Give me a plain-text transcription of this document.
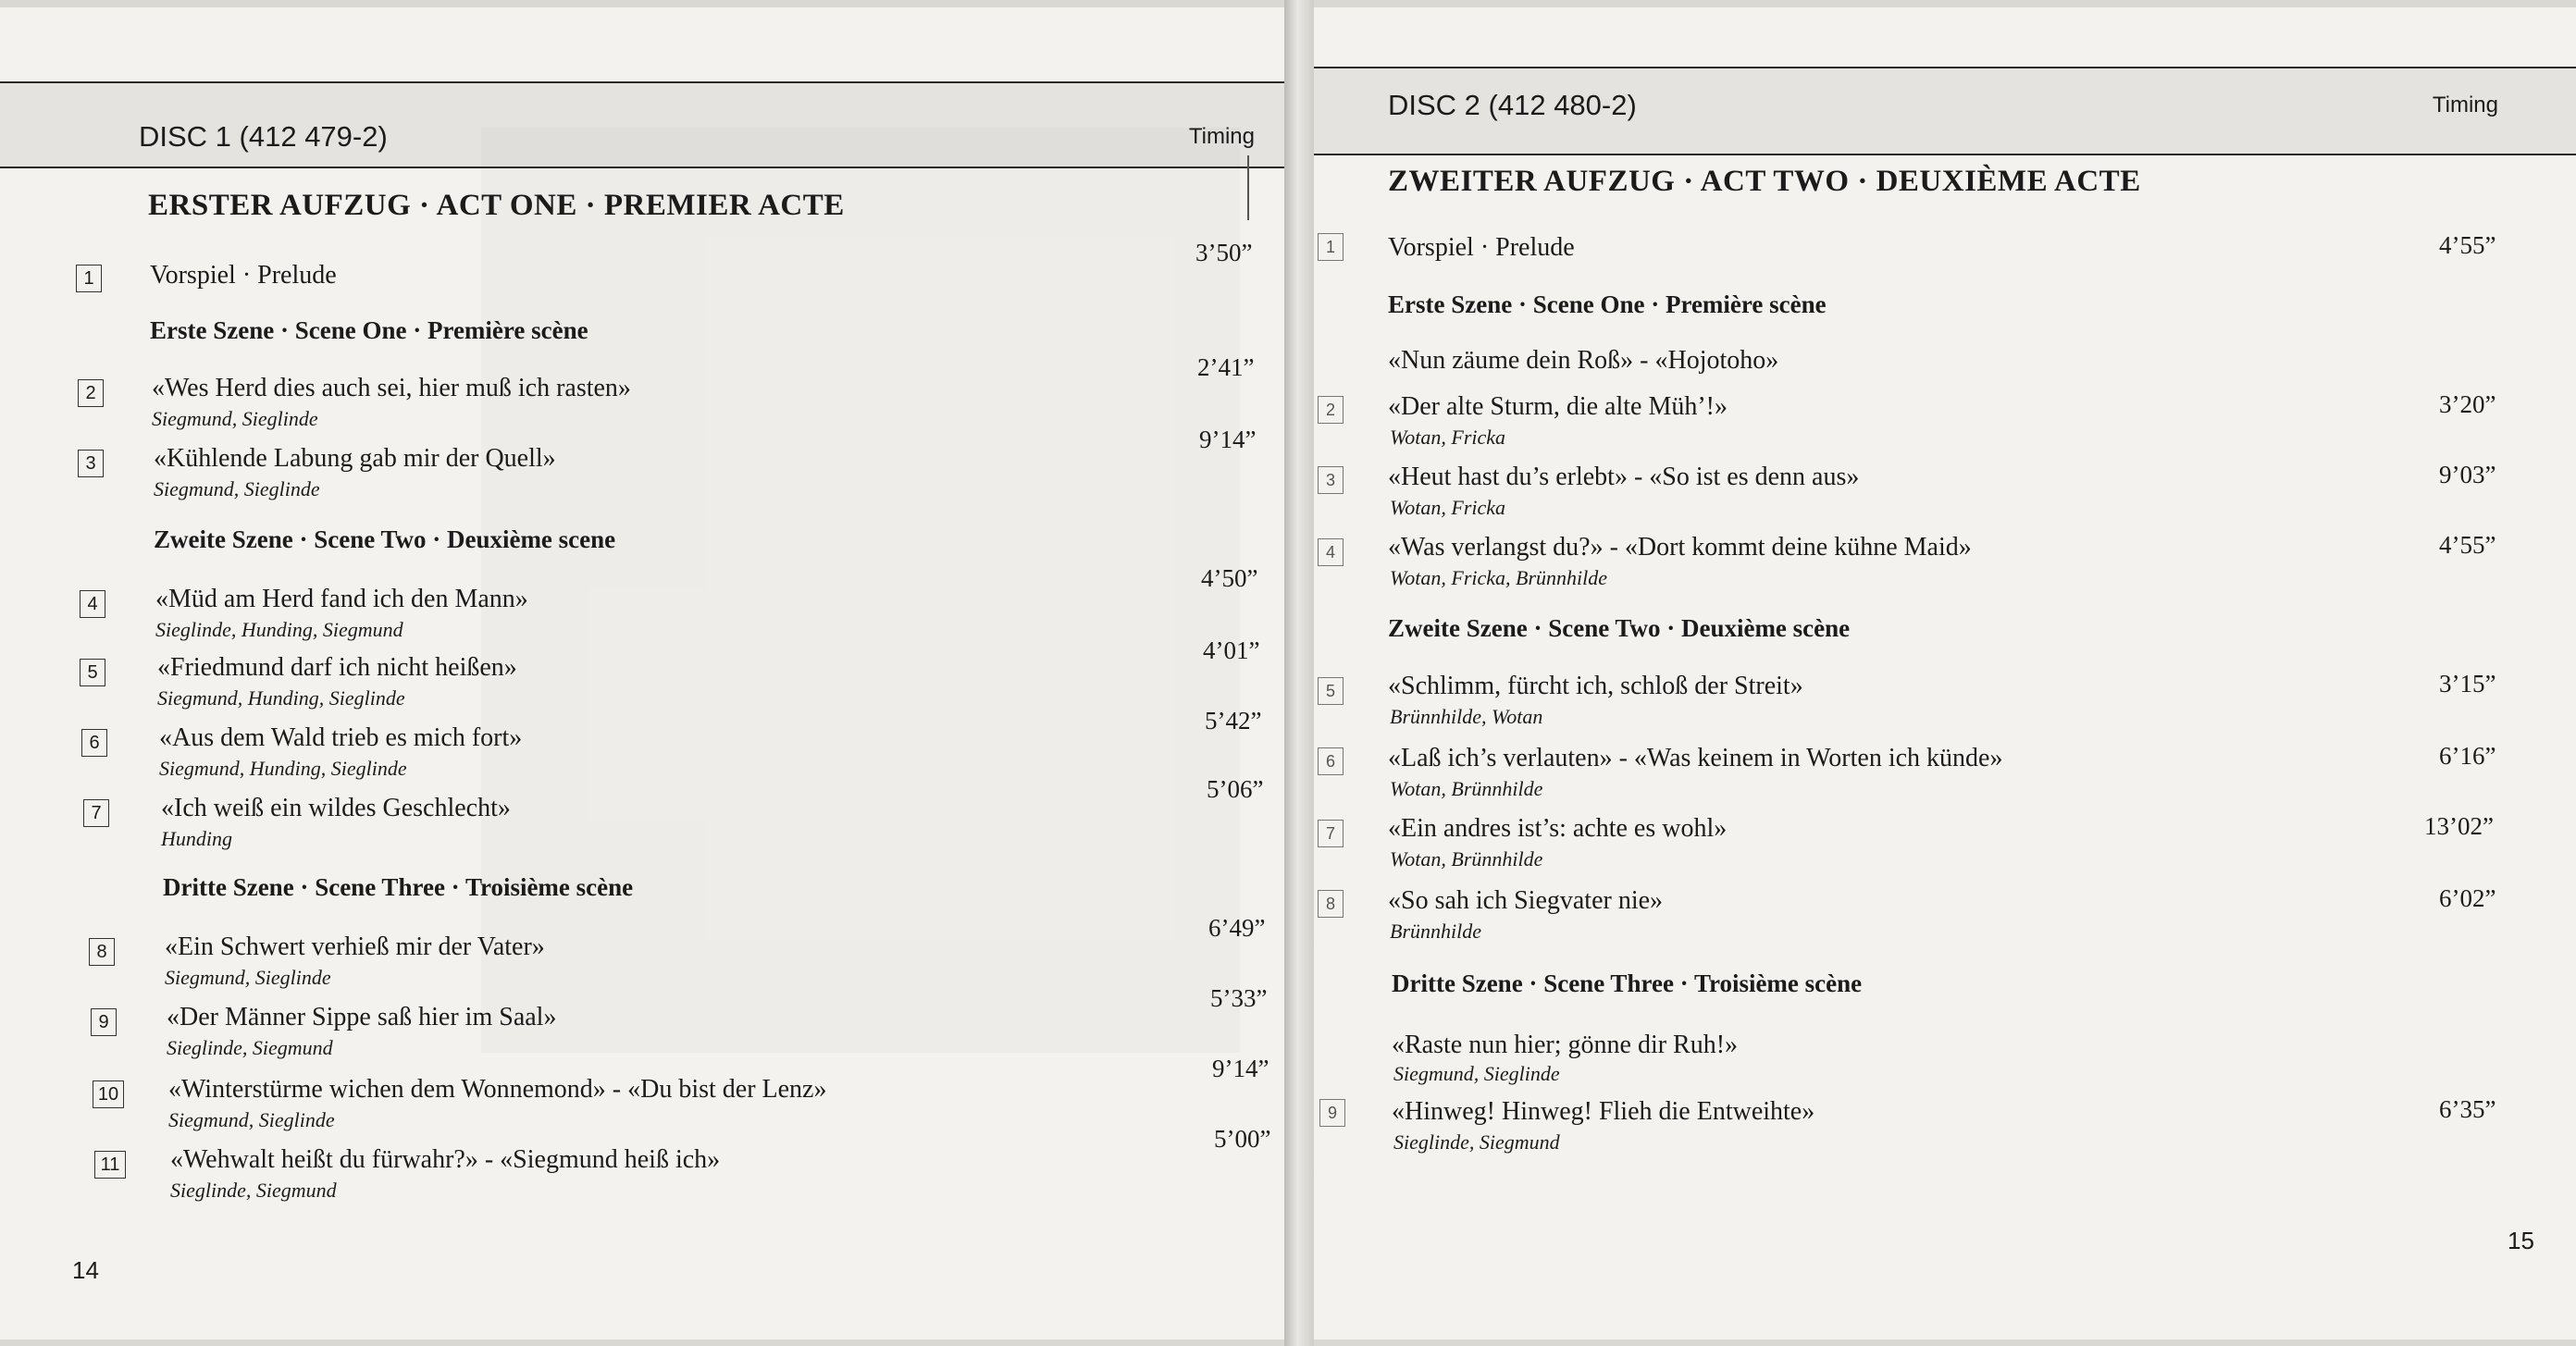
DISC 1 (412 479-2)	Timing
ERSTER AUFZUG · ACT ONE · PREMIER ACTE
1	Vorspiel · Prelude
3’50”
Erste Szene · Scene One · Première scène
2	«Wes Herd dies auch sei, hier muß ich rasten»
Siegmund, Sieglinde
2’41”
3	«Kühlende Labung gab mir der Quell»
Siegmund, Sieglinde
9’14”
Zweite Szene · Scene Two · Deuxième scene
4	«Müd am Herd fand ich den Mann»
Sieglinde, Hunding, Siegmund
4’50”
5	«Friedmund darf ich nicht heißen»
Siegmund, Hunding, Sieglinde
4’01”
6	«Aus dem Wald trieb es mich fort»
Siegmund, Hunding, Sieglinde
5’42”
7	«Ich weiß ein wildes Geschlecht»
Hunding
5’06”
Dritte Szene · Scene Three · Troisième scène
8	«Ein Schwert verhieß mir der Vater»
Siegmund, Sieglinde
6’49”
9	«Der Männer Sippe saß hier im Saal»
Sieglinde, Siegmund
5’33”
10 «Winterstürme wichen dem Wonnemond» - «Du bist der Lenz»
Siegmund, Sieglinde
9’14”
11 «Wehwalt heißt du fürwahr?» - «Siegmund heiß ich»
Sieglinde, Siegmund
5’00”
14
DISC 2 (412 480-2)	Timing
ZWEITER AUFZUG · ACT TWO · DEUXIÈME ACTE
1	Vorspiel · Prelude	4’55”
Erste Szene · Scene One · Première scène
«Nun zäume dein Roß» - «Hojotoho»
2	«Der alte Sturm, die alte Müh’!»
Wotan, Fricka
3’20”
3	«Heut hast du’s erlebt» - «So ist es denn aus»
Wotan, Fricka
9’03”
4	«Was verlangst du?» - «Dort kommt deine kühne Maid»
Wotan, Fricka, Brünnhilde
4’55”
Zweite Szene · Scene Two · Deuxième scène
5	«Schlimm, fürcht ich, schloß der Streit»
Brünnhilde, Wotan
3’15”
6	«Laß ich’s verlauten» - «Was keinem in Worten ich künde»
Wotan, Brünnhilde
6’16”
7	«Ein andres ist’s: achte es wohl»
Wotan, Brünnhilde
13’02”
8	«So sah ich Siegvater nie»
Brünnhilde
6’02”
Dritte Szene · Scene Three · Troisième scène
«Raste nun hier; gönne dir Ruh!»
Siegmund, Sieglinde
9	«Hinweg! Hinweg! Flieh die Entweihte»
Sieglinde, Siegmund
6’35”
15
